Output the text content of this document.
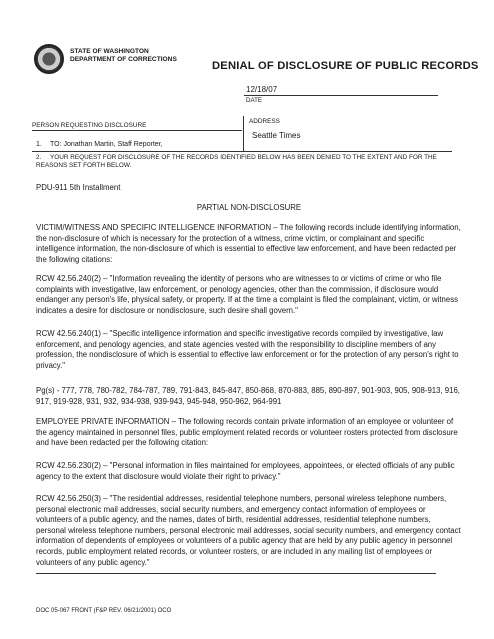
STATE OF WASHINGTON
DEPARTMENT OF CORRECTIONS
DENIAL OF DISCLOSURE OF PUBLIC RECORDS
12/18/07
DATE
PERSON REQUESTING DISCLOSURE
ADDRESS
Seattle Times
1. TO: Jonathan Martin, Staff Reporter,
2. YOUR REQUEST FOR DISCLOSURE OF THE RECORDS IDENTIFIED BELOW HAS BEEN DENIED TO THE EXTENT AND FOR THE REASONS SET FORTH BELOW.
PDU-911 5th Installment
PARTIAL NON-DISCLOSURE
VICTIM/WITNESS AND SPECIFIC INTELLIGENCE INFORMATION – The following records include identifying information, the non-disclosure of which is necessary for the protection of a witness, crime victim, or complainant and specific intelligence information, the non-disclosure of which is essential to effective law enforcement, and have been redacted per the following citations:
RCW 42.56.240(2) – "Information revealing the identity of persons who are witnesses to or victims of crime or who file complaints with investigative, law enforcement, or penology agencies, other than the commission, if disclosure would endanger any person's life, physical safety, or property. If at the time a complaint is filed the complainant, victim, or witness indicates a desire for disclosure or nondisclosure, such desire shall govern."
RCW 42.56.240(1) – "Specific intelligence information and specific investigative records compiled by investigative, law enforcement, and penology agencies, and state agencies vested with the responsibility to discipline members of any profession, the nondisclosure of which is essential to effective law enforcement or for the protection of any person's right to privacy."
Pg(s) - 777, 778, 780-782, 784-787, 789, 791-843, 845-847, 850-868, 870-883, 885, 890-897, 901-903, 905, 908-913, 916, 917, 919-928, 931, 932, 934-938, 939-943, 945-948, 950-962, 964-991
EMPLOYEE PRIVATE INFORMATION – The following records contain private information of an employee or volunteer of the agency maintained in personnel files, public employment related records or volunteer rosters protected from disclosure and have been redacted per the following citation:
RCW 42.56.230(2) – "Personal information in files maintained for employees, appointees, or elected officials of any public agency to the extent that disclosure would violate their right to privacy."
RCW 42.56.250(3) – "The residential addresses, residential telephone numbers, personal wireless telephone numbers, personal electronic mail addresses, social security numbers, and emergency contact information of employees or volunteers of a public agency, and the names, dates of birth, residential addresses, residential telephone numbers, personal wireless telephone numbers, personal electronic mail addresses, social security numbers, and emergency contact information of dependents of employees or volunteers of a public agency that are held by any public agency in personnel records, public employment related records, or volunteer rosters, or are included in any mailing list of employees or volunteers of any public agency."
DOC 05-067 FRONT (F&P REV. 06/21/2001) OCO
